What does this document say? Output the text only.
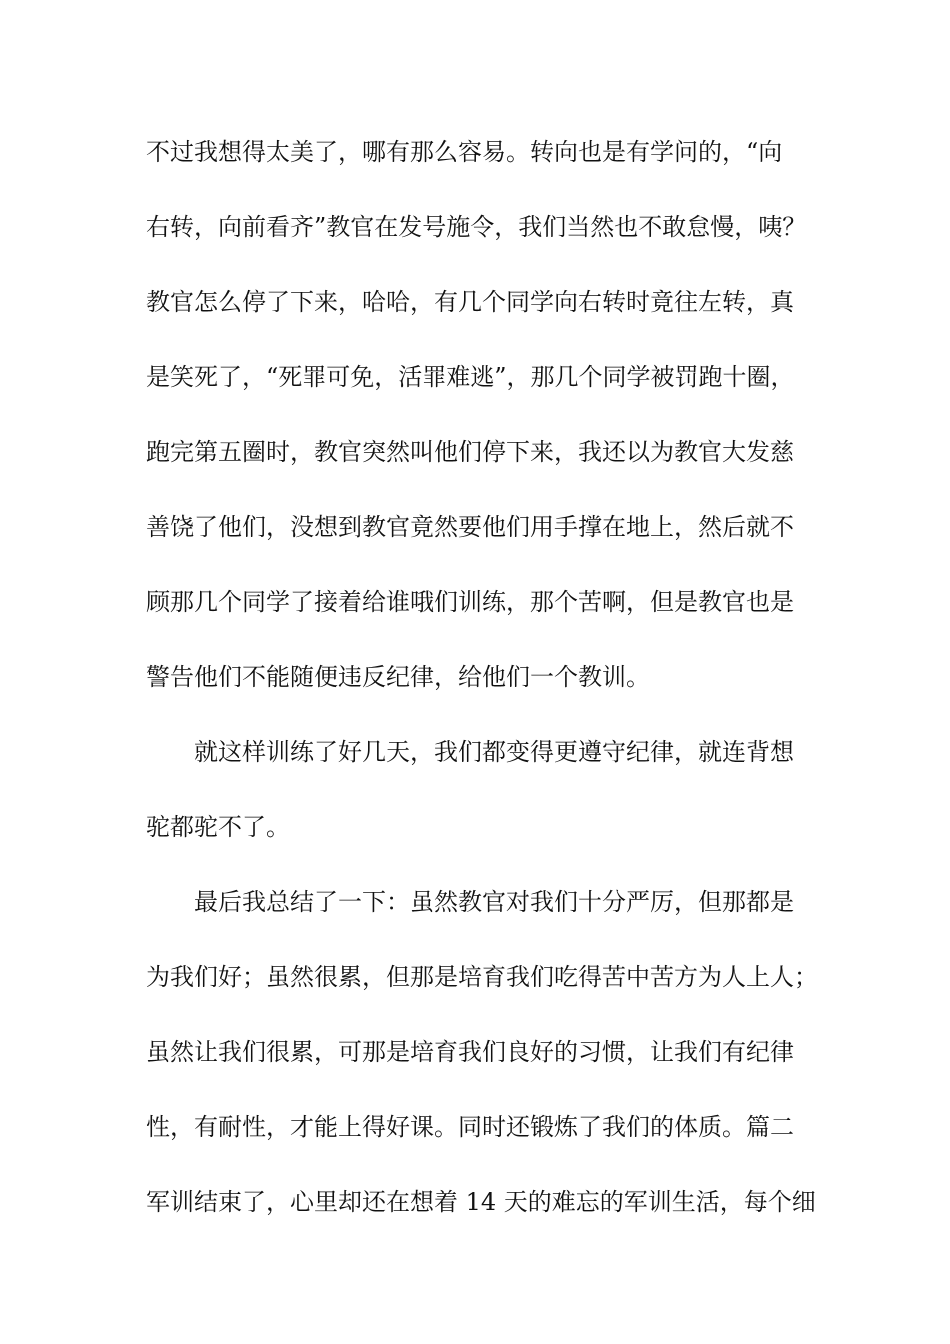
不过我想得太美了，哪有那么容易。转向也是有学问的，“向
右转，向前看齐”教官在发号施令，我们当然也不敢怠慢，咦？
教官怎么停了下来，哈哈，有几个同学向右转时竟往左转，真
是笑死了，“死罪可免，活罪难逃”，那几个同学被罚跑十圈，
跑完第五圈时，教官突然叫他们停下来，我还以为教官大发慈
善饶了他们，没想到教官竟然要他们用手撑在地上，然后就不
顾那几个同学了接着给谁哦们训练，那个苦啊，但是教官也是
警告他们不能随便违反纪律，给他们一个教训。
就这样训练了好几天，我们都变得更遵守纪律，就连背想
驼都驼不了。
最后我总结了一下：虽然教官对我们十分严厉，但那都是
为我们好；虽然很累，但那是培育我们吃得苦中苦方为人上人；
虽然让我们很累，可那是培育我们良好的习惯，让我们有纪律
性，有耐性，才能上得好课。同时还锻炼了我们的体质。篇二
军训结束了，心里却还在想着 14 天的难忘的军训生活，每个细
